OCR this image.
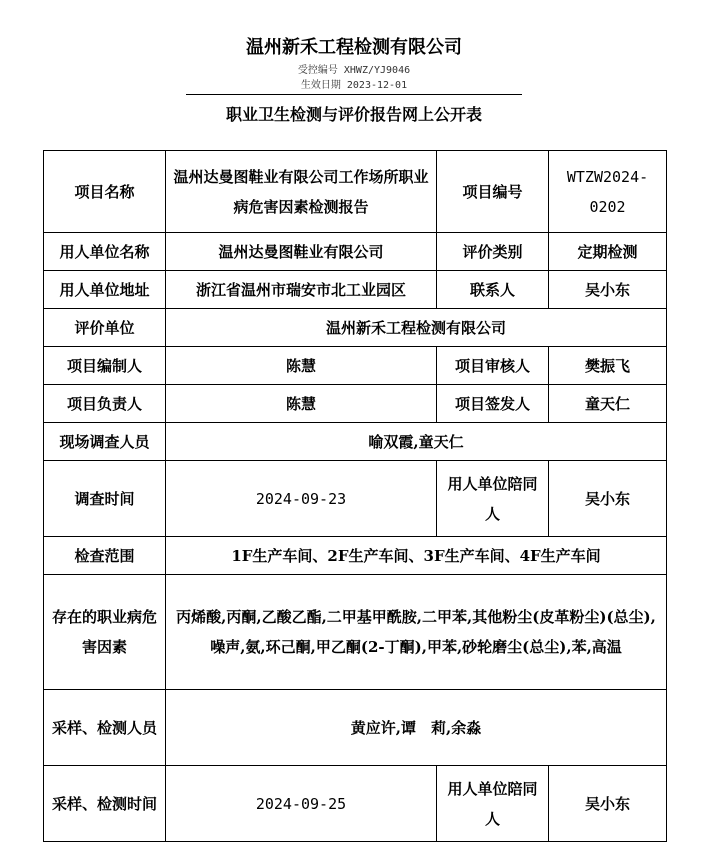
温州新禾工程检测有限公司
受控编号 XHWZ/YJ9046
生效日期 2023-12-01
职业卫生检测与评价报告网上公开表
项目名称	温州达曼图鞋业有限公司工作场所职业病危害因素检测报告	项目编号	WTZW2024-0202
用人单位名称	温州达曼图鞋业有限公司	评价类别	定期检测
用人单位地址	浙江省温州市瑞安市北工业园区	联系人	吴小东
评价单位	温州新禾工程检测有限公司		
项目编制人	陈慧	项目审核人	樊振飞
项目负责人	陈慧	项目签发人	童天仁
现场调查人员	喻双霞,童天仁		
调查时间	2024-09-23	用人单位陪同人	吴小东
检查范围	1F生产车间、2F生产车间、3F生产车间、4F生产车间		
存在的职业病危害因素	丙烯酸,丙酮,乙酸乙酯,二甲基甲酰胺,二甲苯,其他粉尘(皮革粉尘)(总尘),噪声,氨,环己酮,甲乙酮(2-丁酮),甲苯,砂轮磨尘(总尘),苯,高温		
采样、检测人员	黄应许,谭　莉,余淼		
采样、检测时间	2024-09-25	用人单位陪同人	吴小东
